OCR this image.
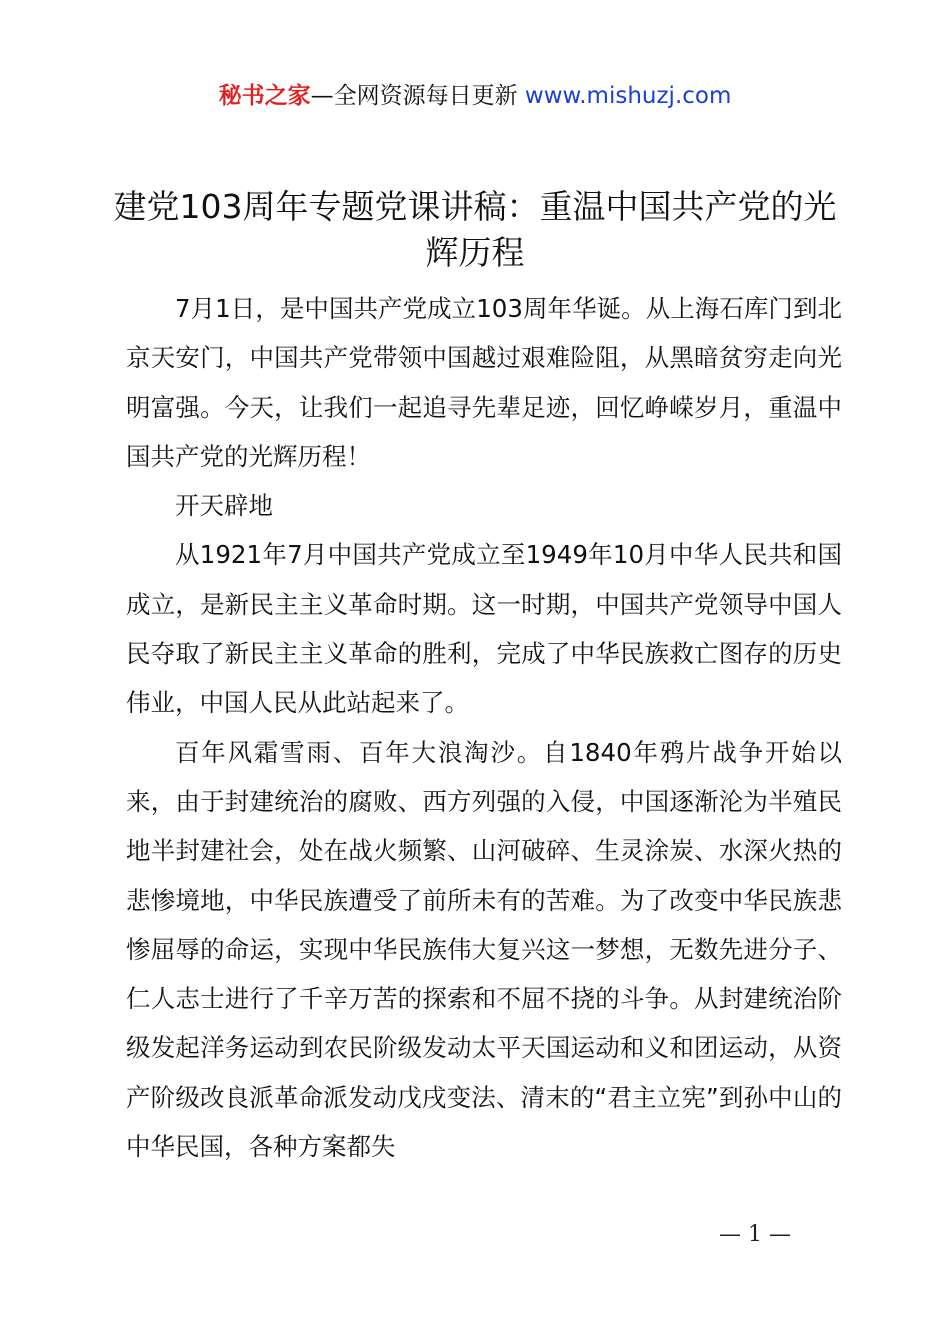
秘书之家—全网资源每日更新 www.mishuzj.com
建党103周年专题党课讲稿：重温中国共产党的光辉历程

7月1日，是中国共产党成立103周年华诞。从上海石库门到北京天安门，中国共产党带领中国越过艰难险阻，从黑暗贫穷走向光明富强。今天，让我们一起追寻先辈足迹，回忆峥嵘岁月，重温中国共产党的光辉历程！

开天辟地

从1921年7月中国共产党成立至1949年10月中华人民共和国成立，是新民主主义革命时期。这一时期，中国共产党领导中国人民夺取了新民主主义革命的胜利，完成了中华民族救亡图存的历史伟业，中国人民从此站起来了。

百年风霜雪雨、百年大浪淘沙。自1840年鸦片战争开始以来，由于封建统治的腐败、西方列强的入侵，中国逐渐沦为半殖民地半封建社会，处在战火频繁、山河破碎、生灵涂炭、水深火热的悲惨境地，中华民族遭受了前所未有的苦难。为了改变中华民族悲惨屈辱的命运，实现中华民族伟大复兴这一梦想，无数先进分子、仁人志士进行了千辛万苦的探索和不屈不挠的斗争。从封建统治阶级发起洋务运动到农民阶级发动太平天国运动和义和团运动，从资产阶级改良派革命派发动戊戌变法、清末的“君主立宪”到孙中山的中华民国，各种方案都失

— 1 —
